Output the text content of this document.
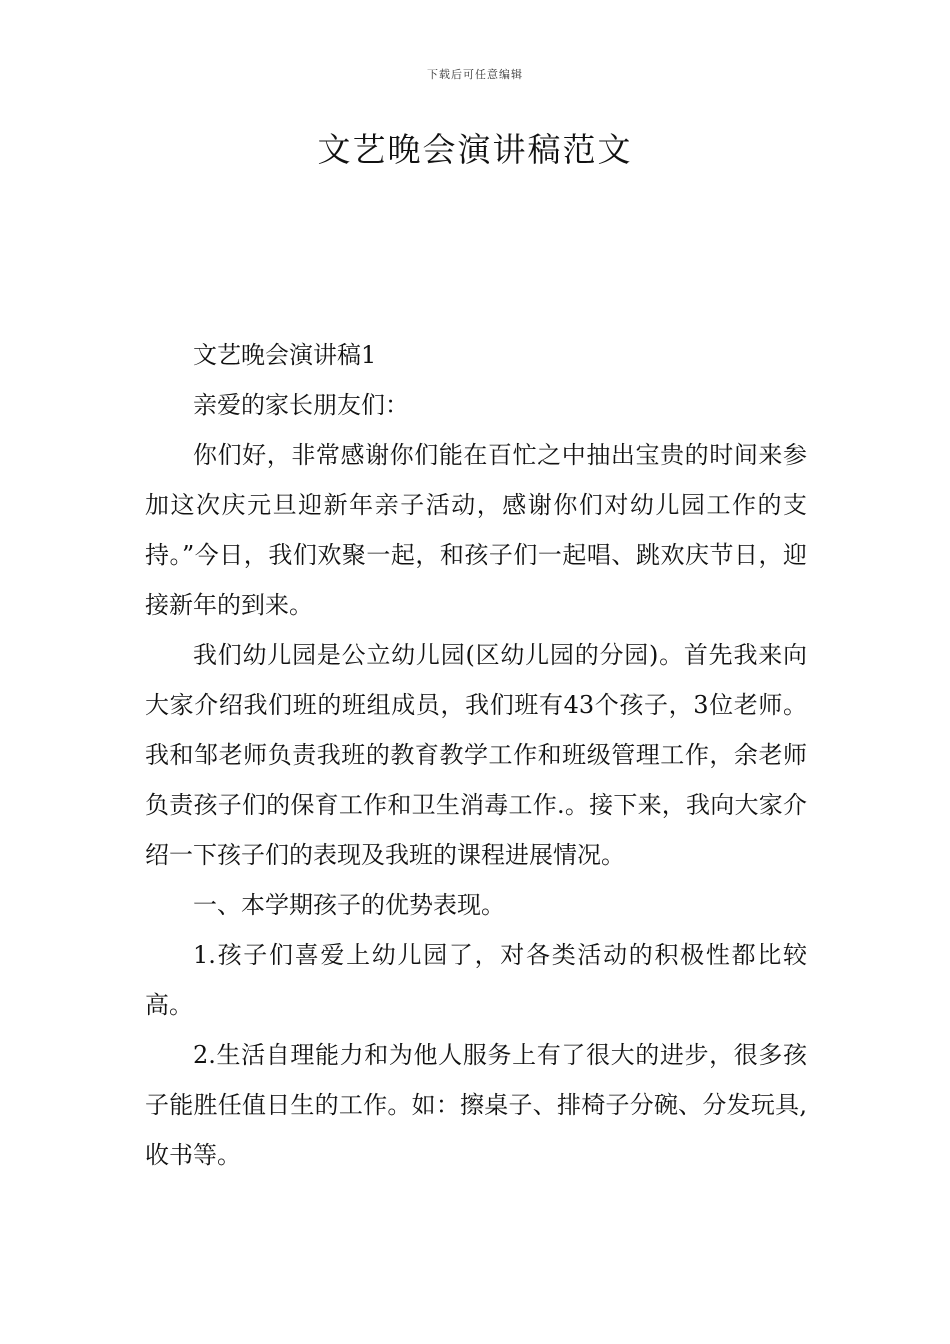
下载后可任意编辑
文艺晚会演讲稿范文

文艺晚会演讲稿1

亲爱的家长朋友们：

你们好，非常感谢你们能在百忙之中抽出宝贵的时间来参加这次庆元旦迎新年亲子活动，感谢你们对幼儿园工作的支持。”今日，我们欢聚一起，和孩子们一起唱、跳欢庆节日，迎接新年的到来。

我们幼儿园是公立幼儿园(区幼儿园的分园)。首先我来向大家介绍我们班的班组成员，我们班有43个孩子，3位老师。我和邹老师负责我班的教育教学工作和班级管理工作，余老师负责孩子们的保育工作和卫生消毒工作.。接下来，我向大家介绍一下孩子们的表现及我班的课程进展情况。

一、本学期孩子的优势表现。

1.孩子们喜爱上幼儿园了，对各类活动的积极性都比较高。

2.生活自理能力和为他人服务上有了很大的进步，很多孩子能胜任值日生的工作。如：擦桌子、排椅子分碗、分发玩具,收书等。
